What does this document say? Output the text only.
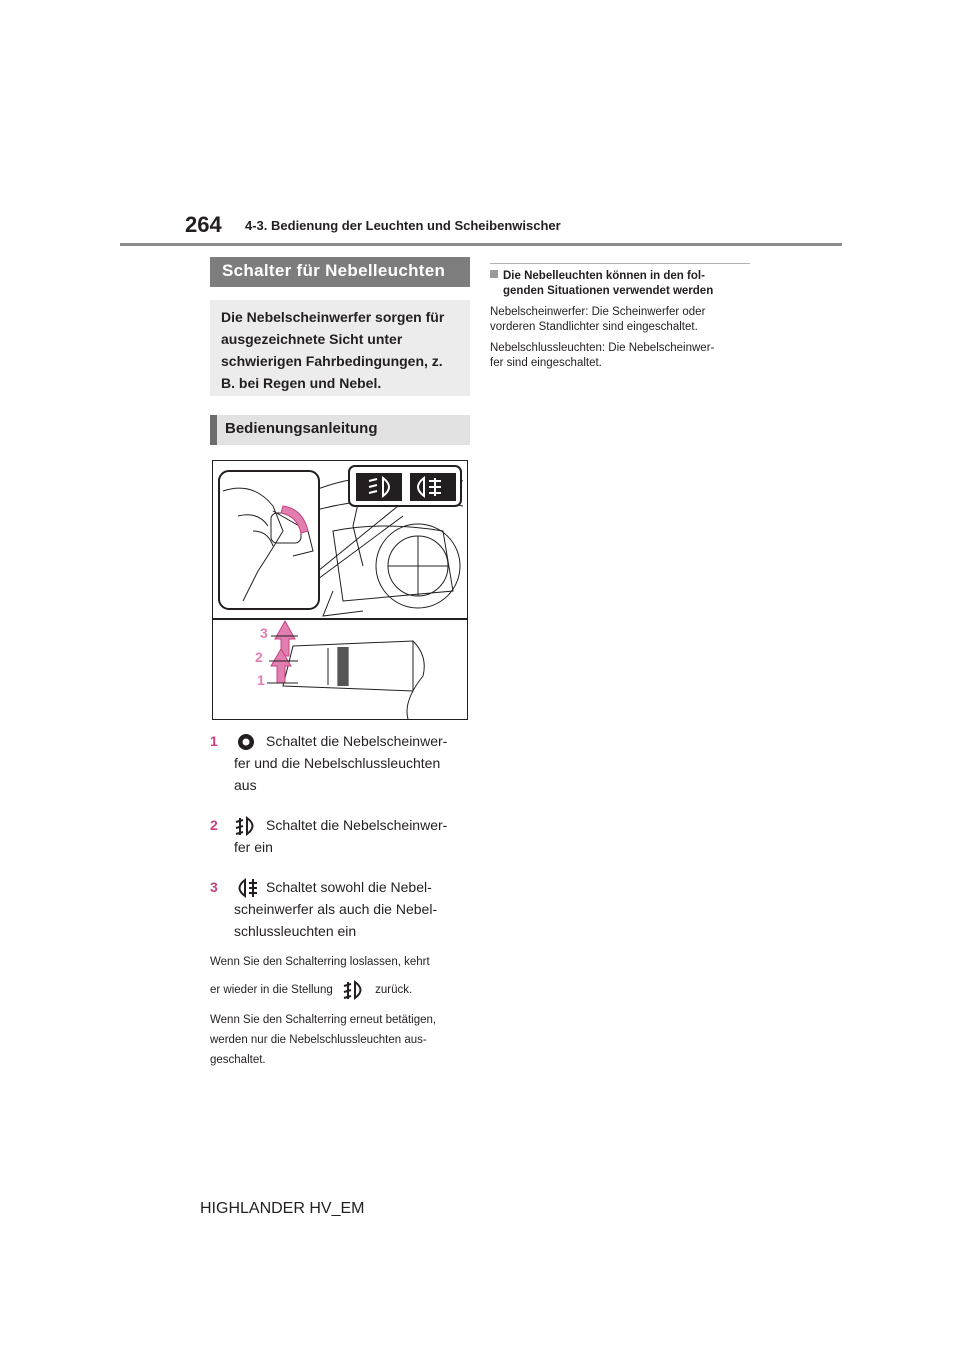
264 4-3. Bedienung der Leuchten und Scheibenwischer
Schalter für Nebelleuchten
Die Nebelscheinwerfer sorgen für
ausgezeichnete Sicht unter
schwierigen Fahrbedingungen, z.
B. bei Regen und Nebel.
Bedienungsanleitung
3
2
1
1	Schaltet die Nebelscheinwer-
fer und die Nebelschlussleuchten
aus
2	Schaltet die Nebelscheinwer-
fer ein
3	Schaltet sowohl die Nebel-
scheinwerfer als auch die Nebel-
schlussleuchten ein
Wenn Sie den Schalterring loslassen, kehrt
er wieder in die Stellung	zurück.
Wenn Sie den Schalterring erneut betätigen,
werden nur die Nebelschlussleuchten aus-
geschaltet.
Die Nebelleuchten können in den fol-
genden Situationen verwendet werden
Nebelscheinwerfer: Die Scheinwerfer oder
vorderen Standlichter sind eingeschaltet.
Nebelschlussleuchten: Die Nebelscheinwer-
fer sind eingeschaltet.
HIGHLANDER HV_EM
